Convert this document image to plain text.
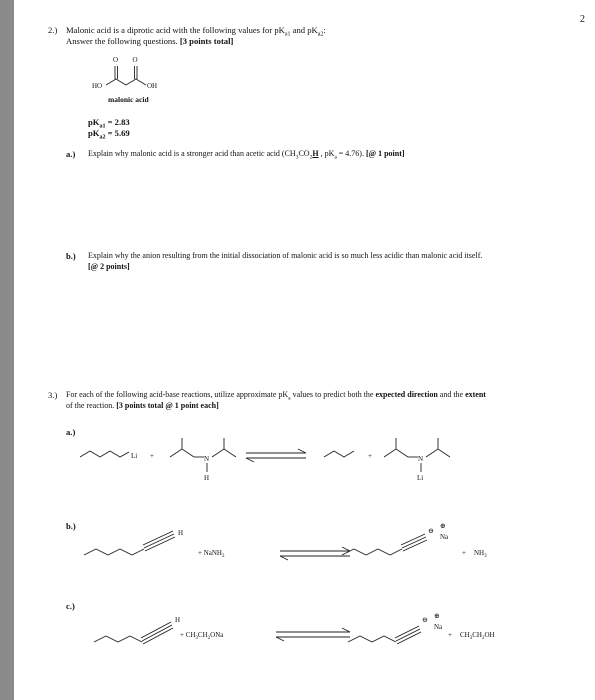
2
2.) Malonic acid is a diprotic acid with the following values for $pK_{a1}$ and $pK_{a2}$:
Answer the following questions. [3 points total]
O O
HO	OH
malonic acid
$pK_{a1} = 2.83$
$pK_{a2} = 5.69$
a.) Explain why malonic acid is a stronger acid than acetic acid ($CH_3CO_2H$ , $pK_a = 4.76$). [@ 1 point]
b.) Explain why the anion resulting from the initial dissociation of malonic acid is so much less acidic than malonic acid itself.
[@ 2 points]
3.) For each of the following acid-base reactions, utilize approximate $pK_a$ values to predict both the expected direction and the extent
of the reaction. [3 points total @ 1 point each]
a.)
Li +	N
H
+	N
Li
b.)
H
+ NaNH$_2$
⊖
⊕
Na
+ $NH_3$
c.)
H
+ $CH_3CH_2ONa$
⊖ ⊕
Na
+ $CH_3CH_2OH$
